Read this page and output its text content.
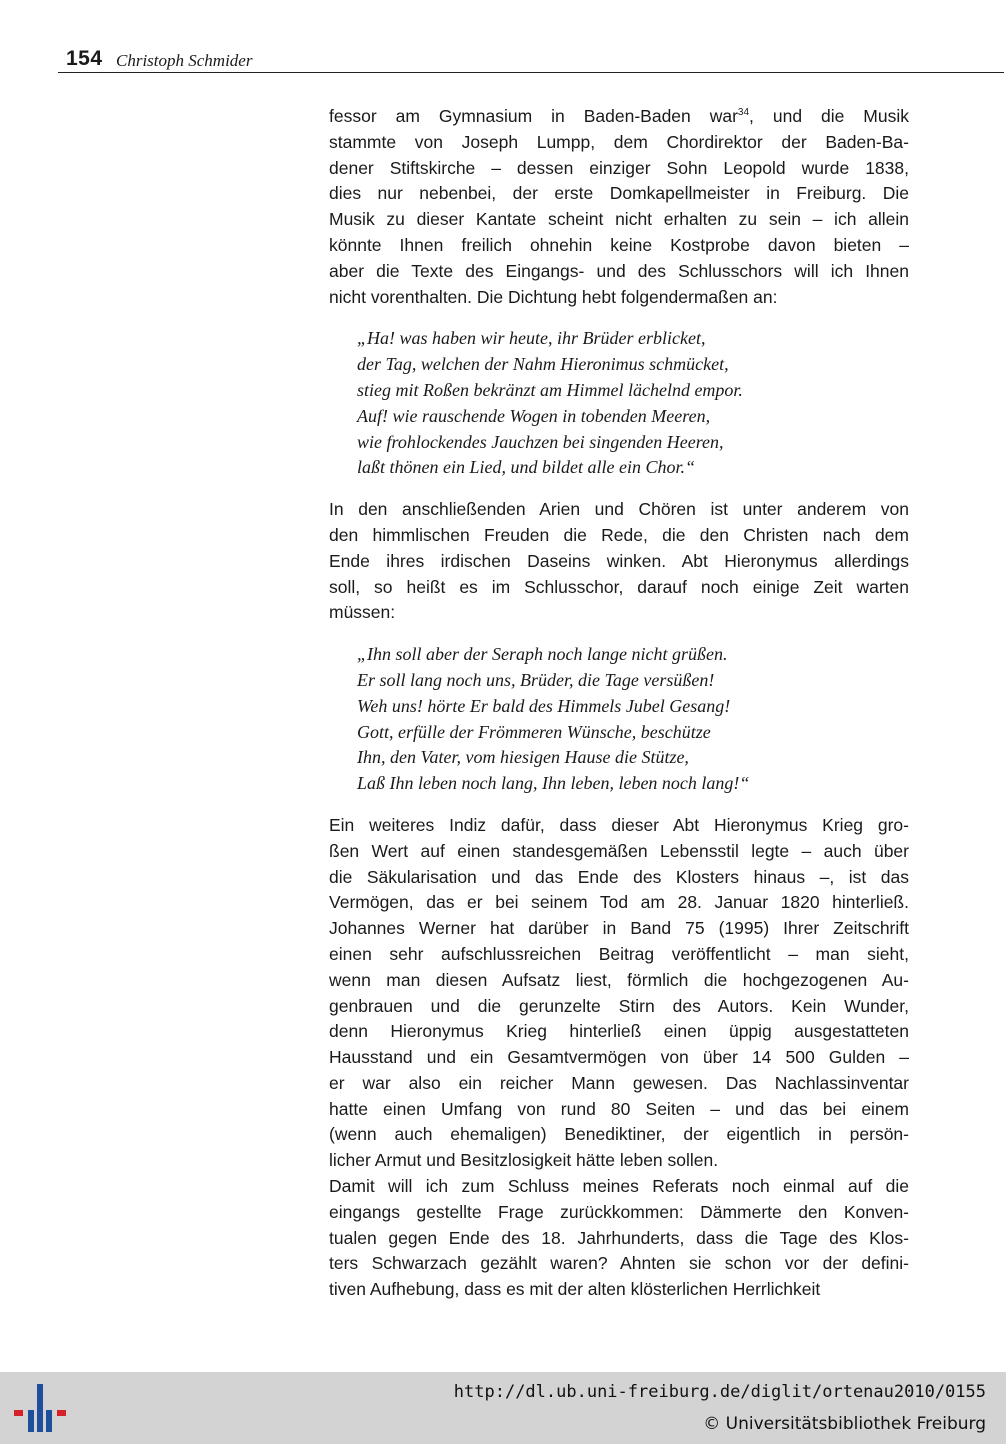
154 Christoph Schmider
fessor am Gymnasium in Baden-Baden war$^{34}$, und die Musik
stammte von Joseph Lumpp, dem Chordirektor der Baden-Ba-
dener Stiftskirche – dessen einziger Sohn Leopold wurde 1838,
dies nur nebenbei, der erste Domkapellmeister in Freiburg. Die
Musik zu dieser Kantate scheint nicht erhalten zu sein – ich allein
könnte Ihnen freilich ohnehin keine Kostprobe davon bieten –
aber die Texte des Eingangs- und des Schlusschors will ich Ihnen
nicht vorenthalten. Die Dichtung hebt folgendermaßen an:
„Ha! was haben wir heute, ihr Brüder erblicket,
der Tag, welchen der Nahm Hieronimus schmücket,
stieg mit Roßen bekränzt am Himmel lächelnd empor.
Auf! wie rauschende Wogen in tobenden Meeren,
wie frohlockendes Jauchzen bei singenden Heeren,
laßt thönen ein Lied, und bildet alle ein Chor.“
In den anschließenden Arien und Chören ist unter anderem von
den himmlischen Freuden die Rede, die den Christen nach dem
Ende ihres irdischen Daseins winken. Abt Hieronymus allerdings
soll, so heißt es im Schlusschor, darauf noch einige Zeit warten
müssen:
„Ihn soll aber der Seraph noch lange nicht grüßen.
Er soll lang noch uns, Brüder, die Tage versüßen!
Weh uns! hörte Er bald des Himmels Jubel Gesang!
Gott, erfülle der Frömmeren Wünsche, beschütze
Ihn, den Vater, vom hiesigen Hause die Stütze,
Laß Ihn leben noch lang, Ihn leben, leben noch lang!“
Ein weiteres Indiz dafür, dass dieser Abt Hieronymus Krieg gro-
ßen Wert auf einen standesgemäßen Lebensstil legte – auch über
die Säkularisation und das Ende des Klosters hinaus –, ist das
Vermögen, das er bei seinem Tod am 28. Januar 1820 hinterließ.
Johannes Werner hat darüber in Band 75 (1995) Ihrer Zeitschrift
einen sehr aufschlussreichen Beitrag veröffentlicht – man sieht,
wenn man diesen Aufsatz liest, förmlich die hochgezogenen Au-
genbrauen und die gerunzelte Stirn des Autors. Kein Wunder,
denn Hieronymus Krieg hinterließ einen üppig ausgestatteten
Hausstand und ein Gesamtvermögen von über 14 500 Gulden –
er war also ein reicher Mann gewesen. Das Nachlassinventar
hatte einen Umfang von rund 80 Seiten – und das bei einem
(wenn auch ehemaligen) Benediktiner, der eigentlich in persön-
licher Armut und Besitzlosigkeit hätte leben sollen.
Damit will ich zum Schluss meines Referats noch einmal auf die
eingangs gestellte Frage zurückkommen: Dämmerte den Konven-
tualen gegen Ende des 18. Jahrhunderts, dass die Tage des Klos-
ters Schwarzach gezählt waren? Ahnten sie schon vor der defini-
tiven Aufhebung, dass es mit der alten klösterlichen Herrlichkeit
http://dl.ub.uni-freiburg.de/diglit/ortenau2010/0155
© Universitätsbibliothek Freiburg
